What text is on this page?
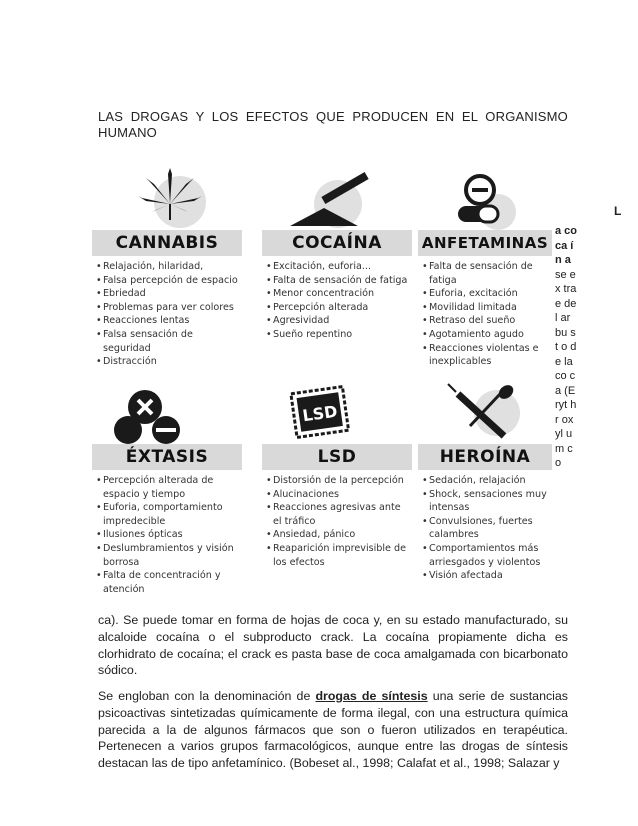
LAS DROGAS Y LOS EFECTOS QUE PRODUCEN EN EL ORGANISMO
HUMANO
L
a co ca ín a se ex tra e de l ar bu st o de la co ca (E ryt hr ox yl u m co
CANNABIS
• Relajación, hilaridad,
• Falsa percepción de espacio
• Ebriedad
• Problemas para ver colores
• Reacciones lentas
• Falsa sensación de seguridad
• Distracción
COCAÍNA
• Excitación, euforia...
• Falta de sensación de fatiga
• Menor concentración
• Percepción alterada
• Agresividad
• Sueño repentino
ANFETAMINAS
• Falta de sensación de fatiga
• Euforia, excitación
• Movilidad limitada
• Retraso del sueño
• Agotamiento agudo
• Reacciones violentas e inexplicables
ÉXTASIS
• Percepción alterada de espacio y tiempo
• Euforia, comportamiento impredecible
• Ilusiones ópticas
• Deslumbramientos y visión borrosa
• Falta de concentración y atención
LSD
LSD
• Distorsión de la percepción
• Alucinaciones
• Reacciones agresivas ante el tráfico
• Ansiedad, pánico
• Reaparición imprevisible de los efectos
HEROÍNA
• Sedación, relajación
• Shock, sensaciones muy intensas
• Convulsiones, fuertes calambres
• Comportamientos más arriesgados y violentos
• Visión afectada

ca). Se puede tomar en forma de hojas de coca y, en su estado manufacturado, su alcaloide cocaína o el subproducto crack. La cocaína propiamente dicha es clorhidrato de cocaína; el crack es pasta base de coca amalgamada con bicarbonato sódico.

Se engloban con la denominación de drogas de síntesis una serie de sustancias psicoactivas sintetizadas químicamente de forma ilegal, con una estructura química parecida a la de algunos fármacos que son o fueron utilizados en terapéutica. Pertenecen a varios grupos farmacológicos, aunque entre las drogas de síntesis destacan las de tipo anfetamínico. (Bobeset al., 1998; Calafat et al., 1998; Salazar y
